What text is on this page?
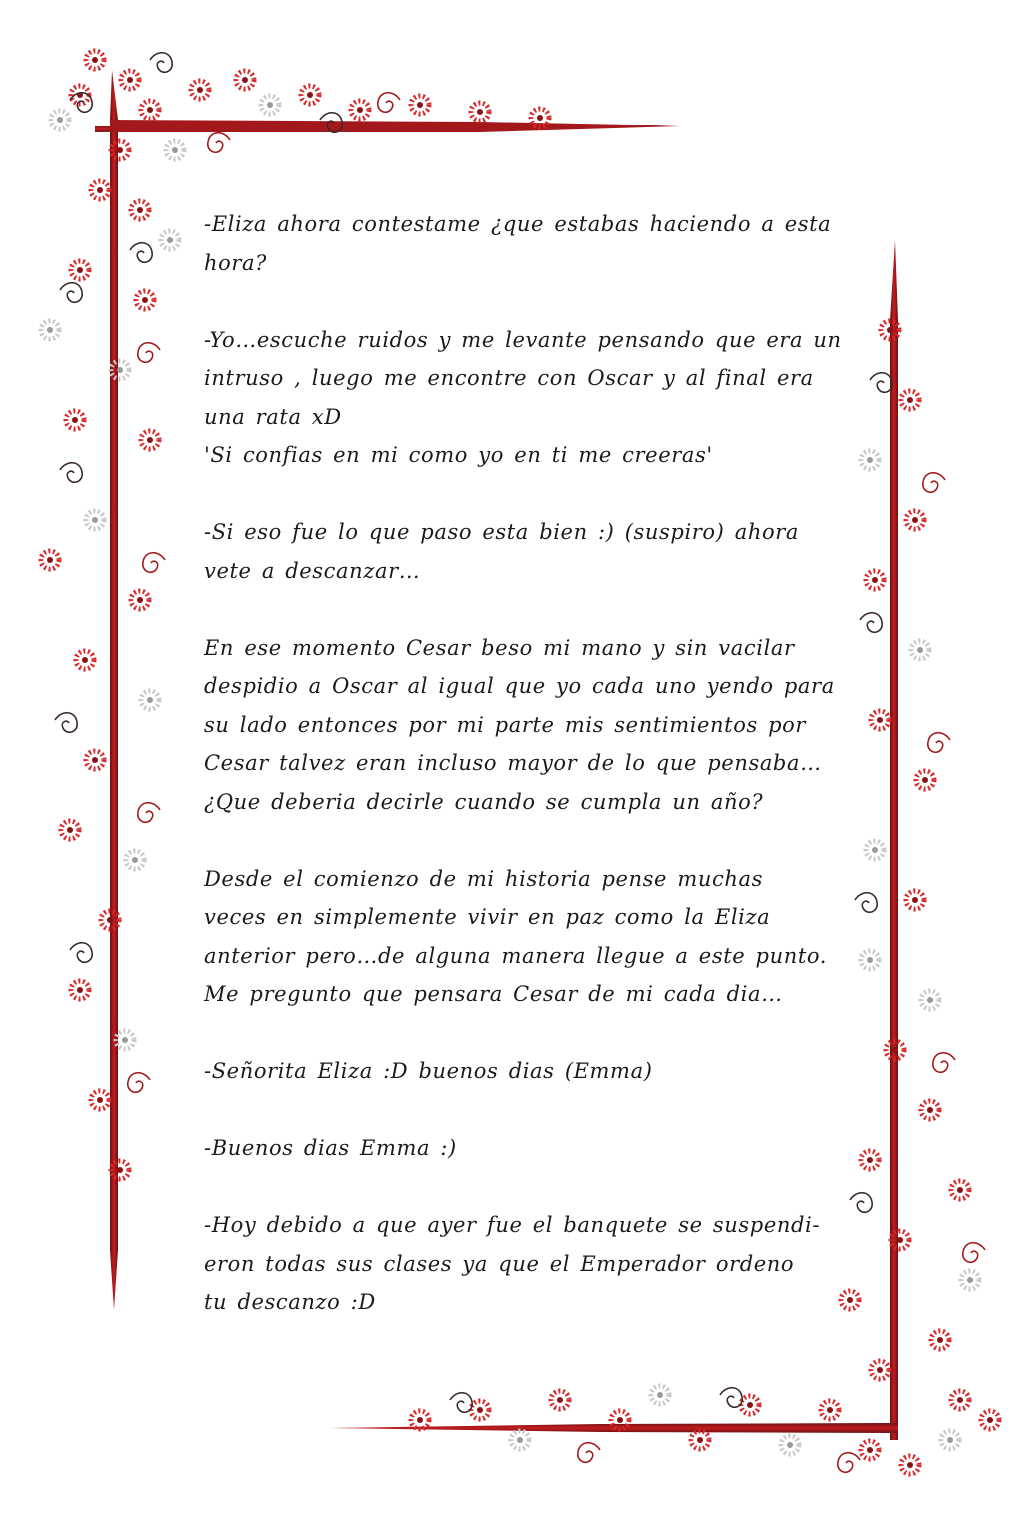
-Eliza ahora contestame ¿que estabas haciendo a esta
hora?

-Yo…escuche ruidos y me levante pensando que era un
intruso , luego me encontre con Oscar y al final era
una rata xD
'Si confias en mi como yo en ti me creeras'

-Si eso fue lo que paso esta bien :) (suspiro) ahora
vete a descanzar…

En ese momento Cesar beso mi mano y sin vacilar
despidio a Oscar al igual que yo cada uno yendo para
su lado entonces por mi parte mis sentimientos por
Cesar talvez eran incluso mayor de lo que pensaba…
¿Que deberia decirle cuando se cumpla un año?

Desde el comienzo de mi historia pense muchas
veces en simplemente vivir en paz como la Eliza
anterior pero…de alguna manera llegue a este punto.
Me pregunto que pensara Cesar de mi cada dia…

-Señorita Eliza :D buenos dias (Emma)

-Buenos dias Emma :)

-Hoy debido a que ayer fue el banquete se suspendi-
eron todas sus clases ya que el Emperador ordeno
tu descanzo :D
